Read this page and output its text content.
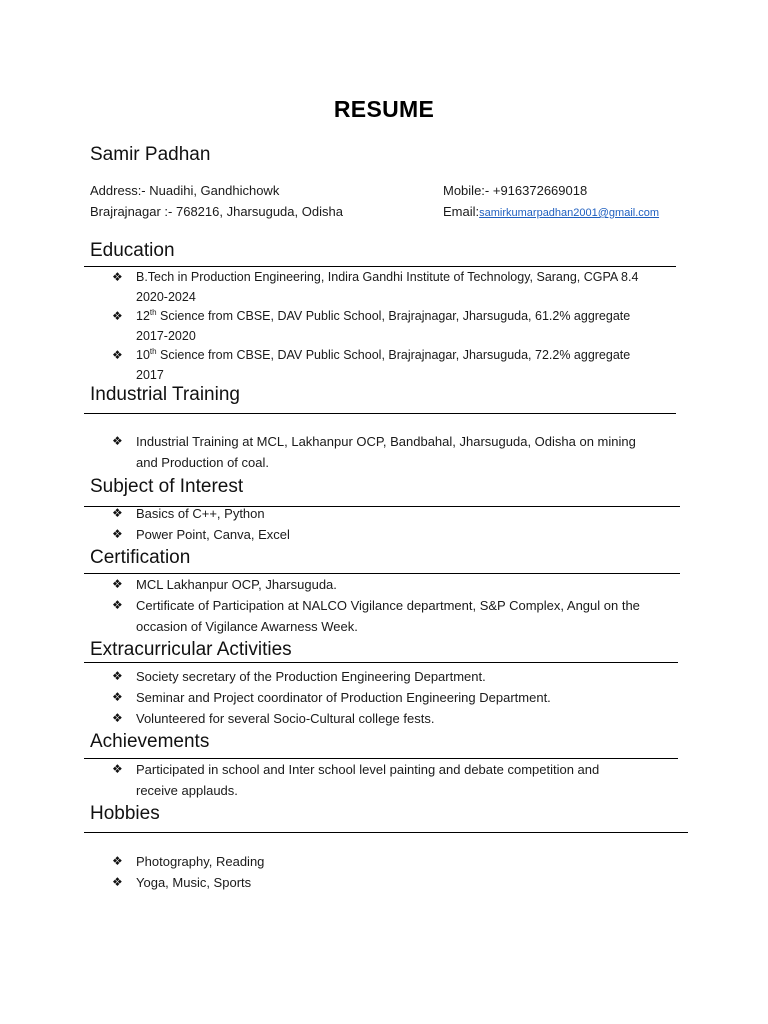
RESUME
Samir Padhan
Address:- Nuadihi, Gandhichowk
Brajrajnagar :- 768216, Jharsuguda, Odisha
Mobile:- +916372669018
Email:samirkumarpadhan2001@gmail.com
Education
❖ B.Tech in Production Engineering, Indira Gandhi Institute of Technology, Sarang, CGPA 8.4
2020-2024
❖ 12th Science from CBSE, DAV Public School, Brajrajnagar, Jharsuguda, 61.2% aggregate
2017-2020
❖ 10th Science from CBSE, DAV Public School, Brajrajnagar, Jharsuguda, 72.2% aggregate
2017
Industrial Training
❖ Industrial Training at MCL, Lakhanpur OCP, Bandbahal, Jharsuguda, Odisha on mining
and Production of coal.
Subject of Interest
❖ Basics of C++, Python
❖ Power Point, Canva, Excel
Certification
❖ MCL Lakhanpur OCP, Jharsuguda.
❖ Certificate of Participation at NALCO Vigilance department, S&P Complex, Angul on the
occasion of Vigilance Awarness Week.
Extracurricular Activities
❖ Society secretary of the Production Engineering Department.
❖ Seminar and Project coordinator of Production Engineering Department.
❖ Volunteered for several Socio-Cultural college fests.
Achievements
❖ Participated in school and Inter school level painting and debate competition and
receive applauds.
Hobbies
❖ Photography, Reading
❖ Yoga, Music, Sports
